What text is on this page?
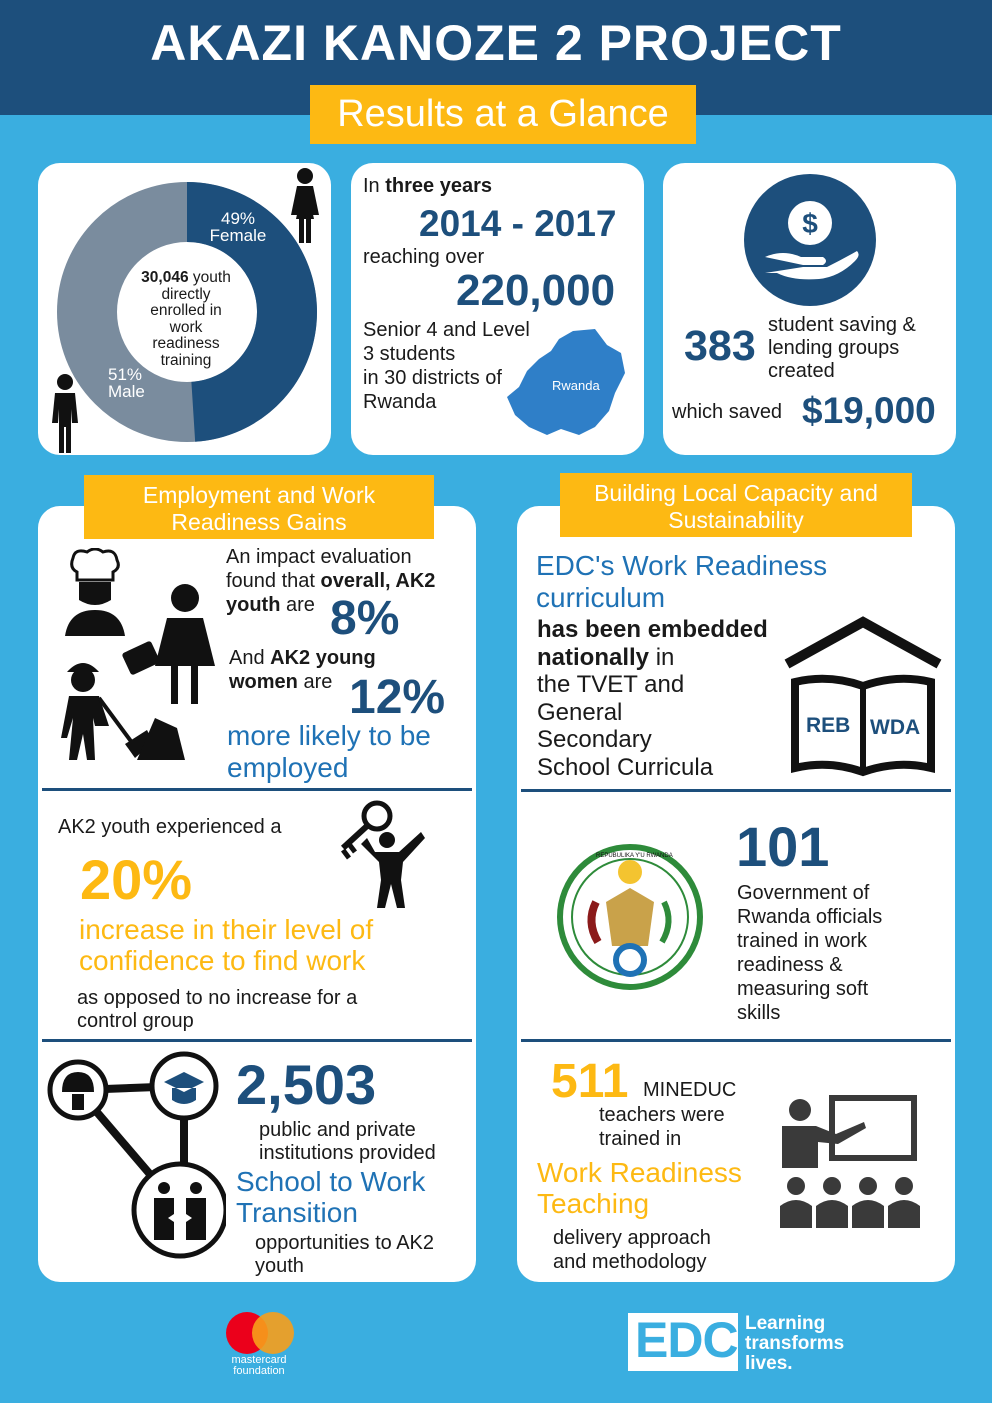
AKAZI KANOZE 2 PROJECT
Results at a Glance
49%
Female
51%
Male
30,046 youth
directly
enrolled in
work
readiness
training
In three years
2014 - 2017
reaching over
220,000
Rwanda
Senior 4 and Level
3 students
in 30 districts of
Rwanda
$
383 student saving &
lending groups
created
which saved $19,000
Employment and Work Readiness Gains
An impact evaluation
found that overall, AK2
youth are 8%
And AK2 young
women are 12%
more likely to be
employed
AK2 youth experienced a
20%
increase in their level of
confidence to find work
as opposed to no increase for a
control group
2,503
public and private
institutions provided
School to Work
Transition
opportunities to AK2
youth
Building Local Capacity and Sustainability
EDC's Work Readiness
curriculum
has been embedded
nationally in
the TVET and
General
Secondary
School Curricula
REB WDA
REPUBULIKA Y'U RWANDA 101
Government of
Rwanda officials
trained in work
readiness &
measuring soft
skills
511 MINEDUC
teachers were
trained in
Work Readiness
Teaching
delivery approach
and methodology
mastercard
foundation
EDC Learning
transforms
lives.
